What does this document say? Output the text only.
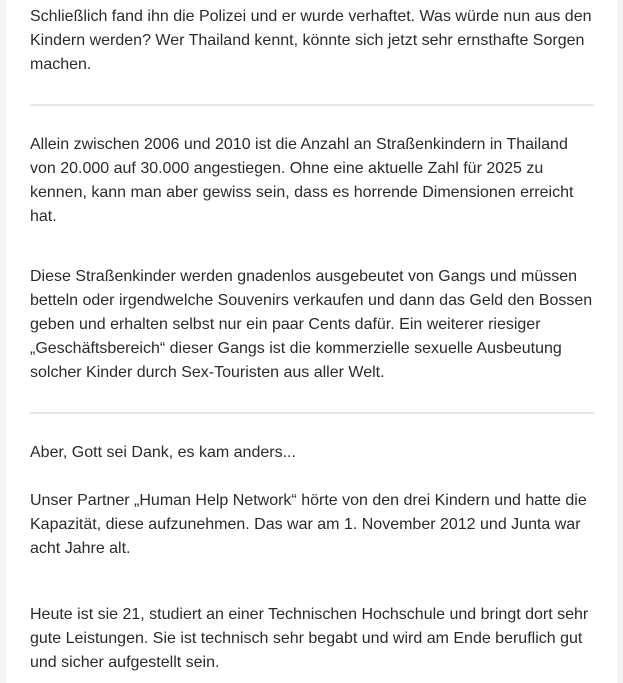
Schließlich fand ihn die Polizei und er wurde verhaftet. Was würde nun aus den
Kindern werden? Wer Thailand kennt, könnte sich jetzt sehr ernsthafte Sorgen
machen.

Allein zwischen 2006 und 2010 ist die Anzahl an Straßenkindern in Thailand
von 20.000 auf 30.000 angestiegen. Ohne eine aktuelle Zahl für 2025 zu
kennen, kann man aber gewiss sein, dass es horrende Dimensionen erreicht
hat.

Diese Straßenkinder werden gnadenlos ausgebeutet von Gangs und müssen
betteln oder irgendwelche Souvenirs verkaufen und dann das Geld den Bossen
geben und erhalten selbst nur ein paar Cents dafür. Ein weiterer riesiger
„Geschäftsbereich“ dieser Gangs ist die kommerzielle sexuelle Ausbeutung
solcher Kinder durch Sex-Touristen aus aller Welt.

Aber, Gott sei Dank, es kam anders...

Unser Partner „Human Help Network“ hörte von den drei Kindern und hatte die
Kapazität, diese aufzunehmen. Das war am 1. November 2012 und Junta war
acht Jahre alt.

Heute ist sie 21, studiert an einer Technischen Hochschule und bringt dort sehr
gute Leistungen. Sie ist technisch sehr begabt und wird am Ende beruflich gut
und sicher aufgestellt sein.
